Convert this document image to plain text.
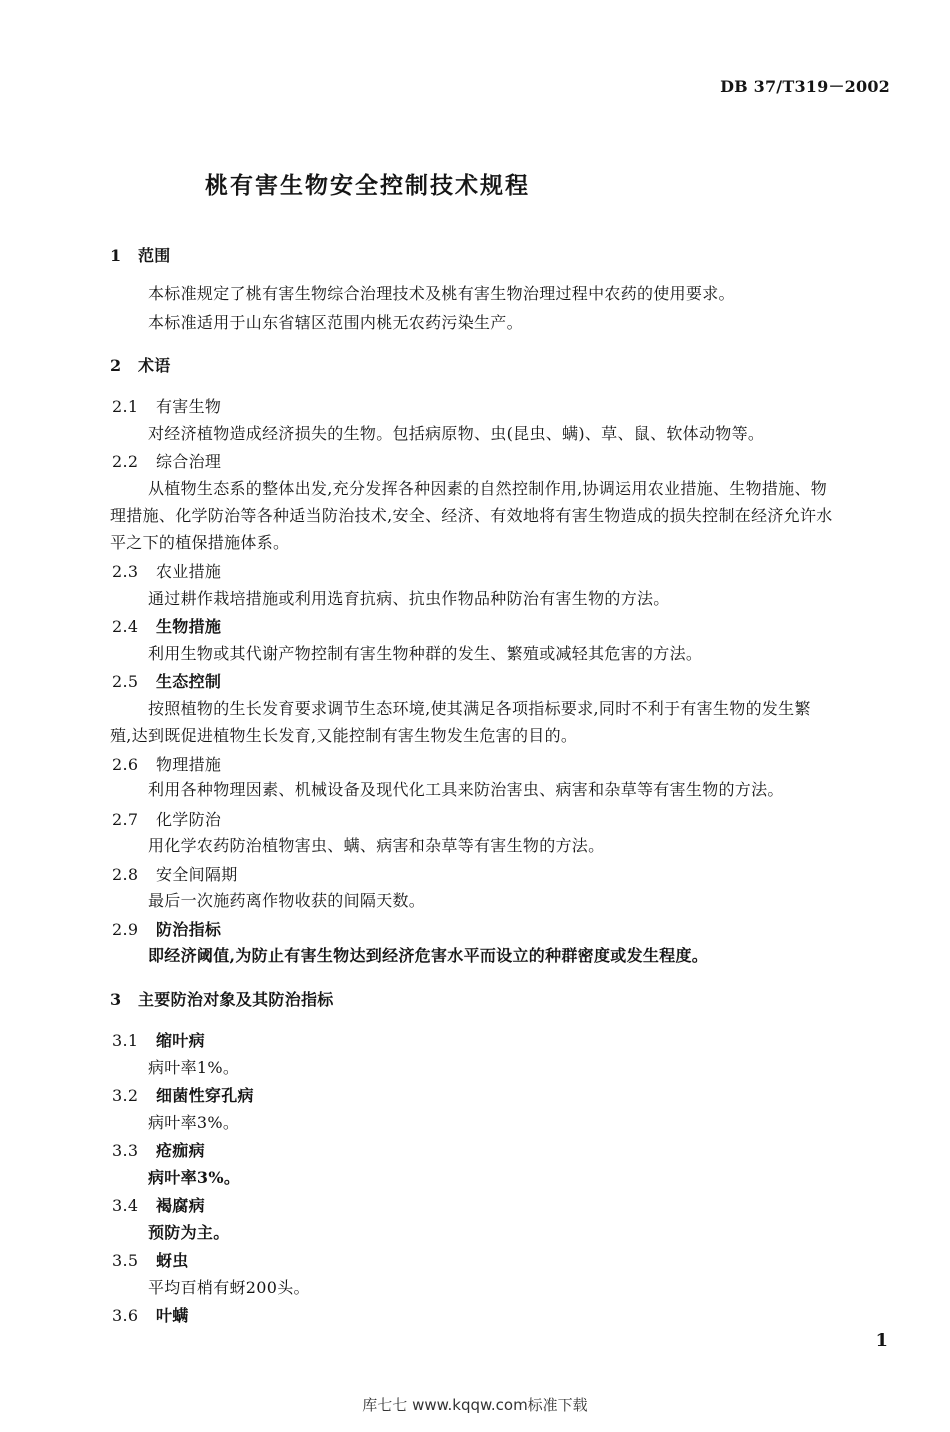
DB 37/T319－2002
桃有害生物安全控制技术规程
1 范围
本标准规定了桃有害生物综合治理技术及桃有害生物治理过程中农药的使用要求。
本标准适用于山东省辖区范围内桃无农药污染生产。
2 术语
2.1 有害生物
对经济植物造成经济损失的生物。包括病原物、虫(昆虫、螨)、草、鼠、软体动物等。
2.2 综合治理
从植物生态系的整体出发,充分发挥各种因素的自然控制作用,协调运用农业措施、生物措施、物
理措施、化学防治等各种适当防治技术,安全、经济、有效地将有害生物造成的损失控制在经济允许水
平之下的植保措施体系。
2.3 农业措施
通过耕作栽培措施或利用选育抗病、抗虫作物品种防治有害生物的方法。
2.4 生物措施
利用生物或其代谢产物控制有害生物种群的发生、繁殖或减轻其危害的方法。
2.5 生态控制
按照植物的生长发育要求调节生态环境,使其满足各项指标要求,同时不利于有害生物的发生繁
殖,达到既促进植物生长发育,又能控制有害生物发生危害的目的。
2.6 物理措施
利用各种物理因素、机械设备及现代化工具来防治害虫、病害和杂草等有害生物的方法。
2.7 化学防治
用化学农药防治植物害虫、螨、病害和杂草等有害生物的方法。
2.8 安全间隔期
最后一次施药离作物收获的间隔天数。
2.9 防治指标
即经济阈值,为防止有害生物达到经济危害水平而设立的种群密度或发生程度。
3 主要防治对象及其防治指标
3.1 缩叶病
病叶率1%。
3.2 细菌性穿孔病
病叶率3%。
3.3 疮痂病
病叶率3%。
3.4 褐腐病
预防为主。
3.5 蚜虫
平均百梢有蚜200头。
3.6 叶螨
1
库七七 www.kqqw.com标准下载
